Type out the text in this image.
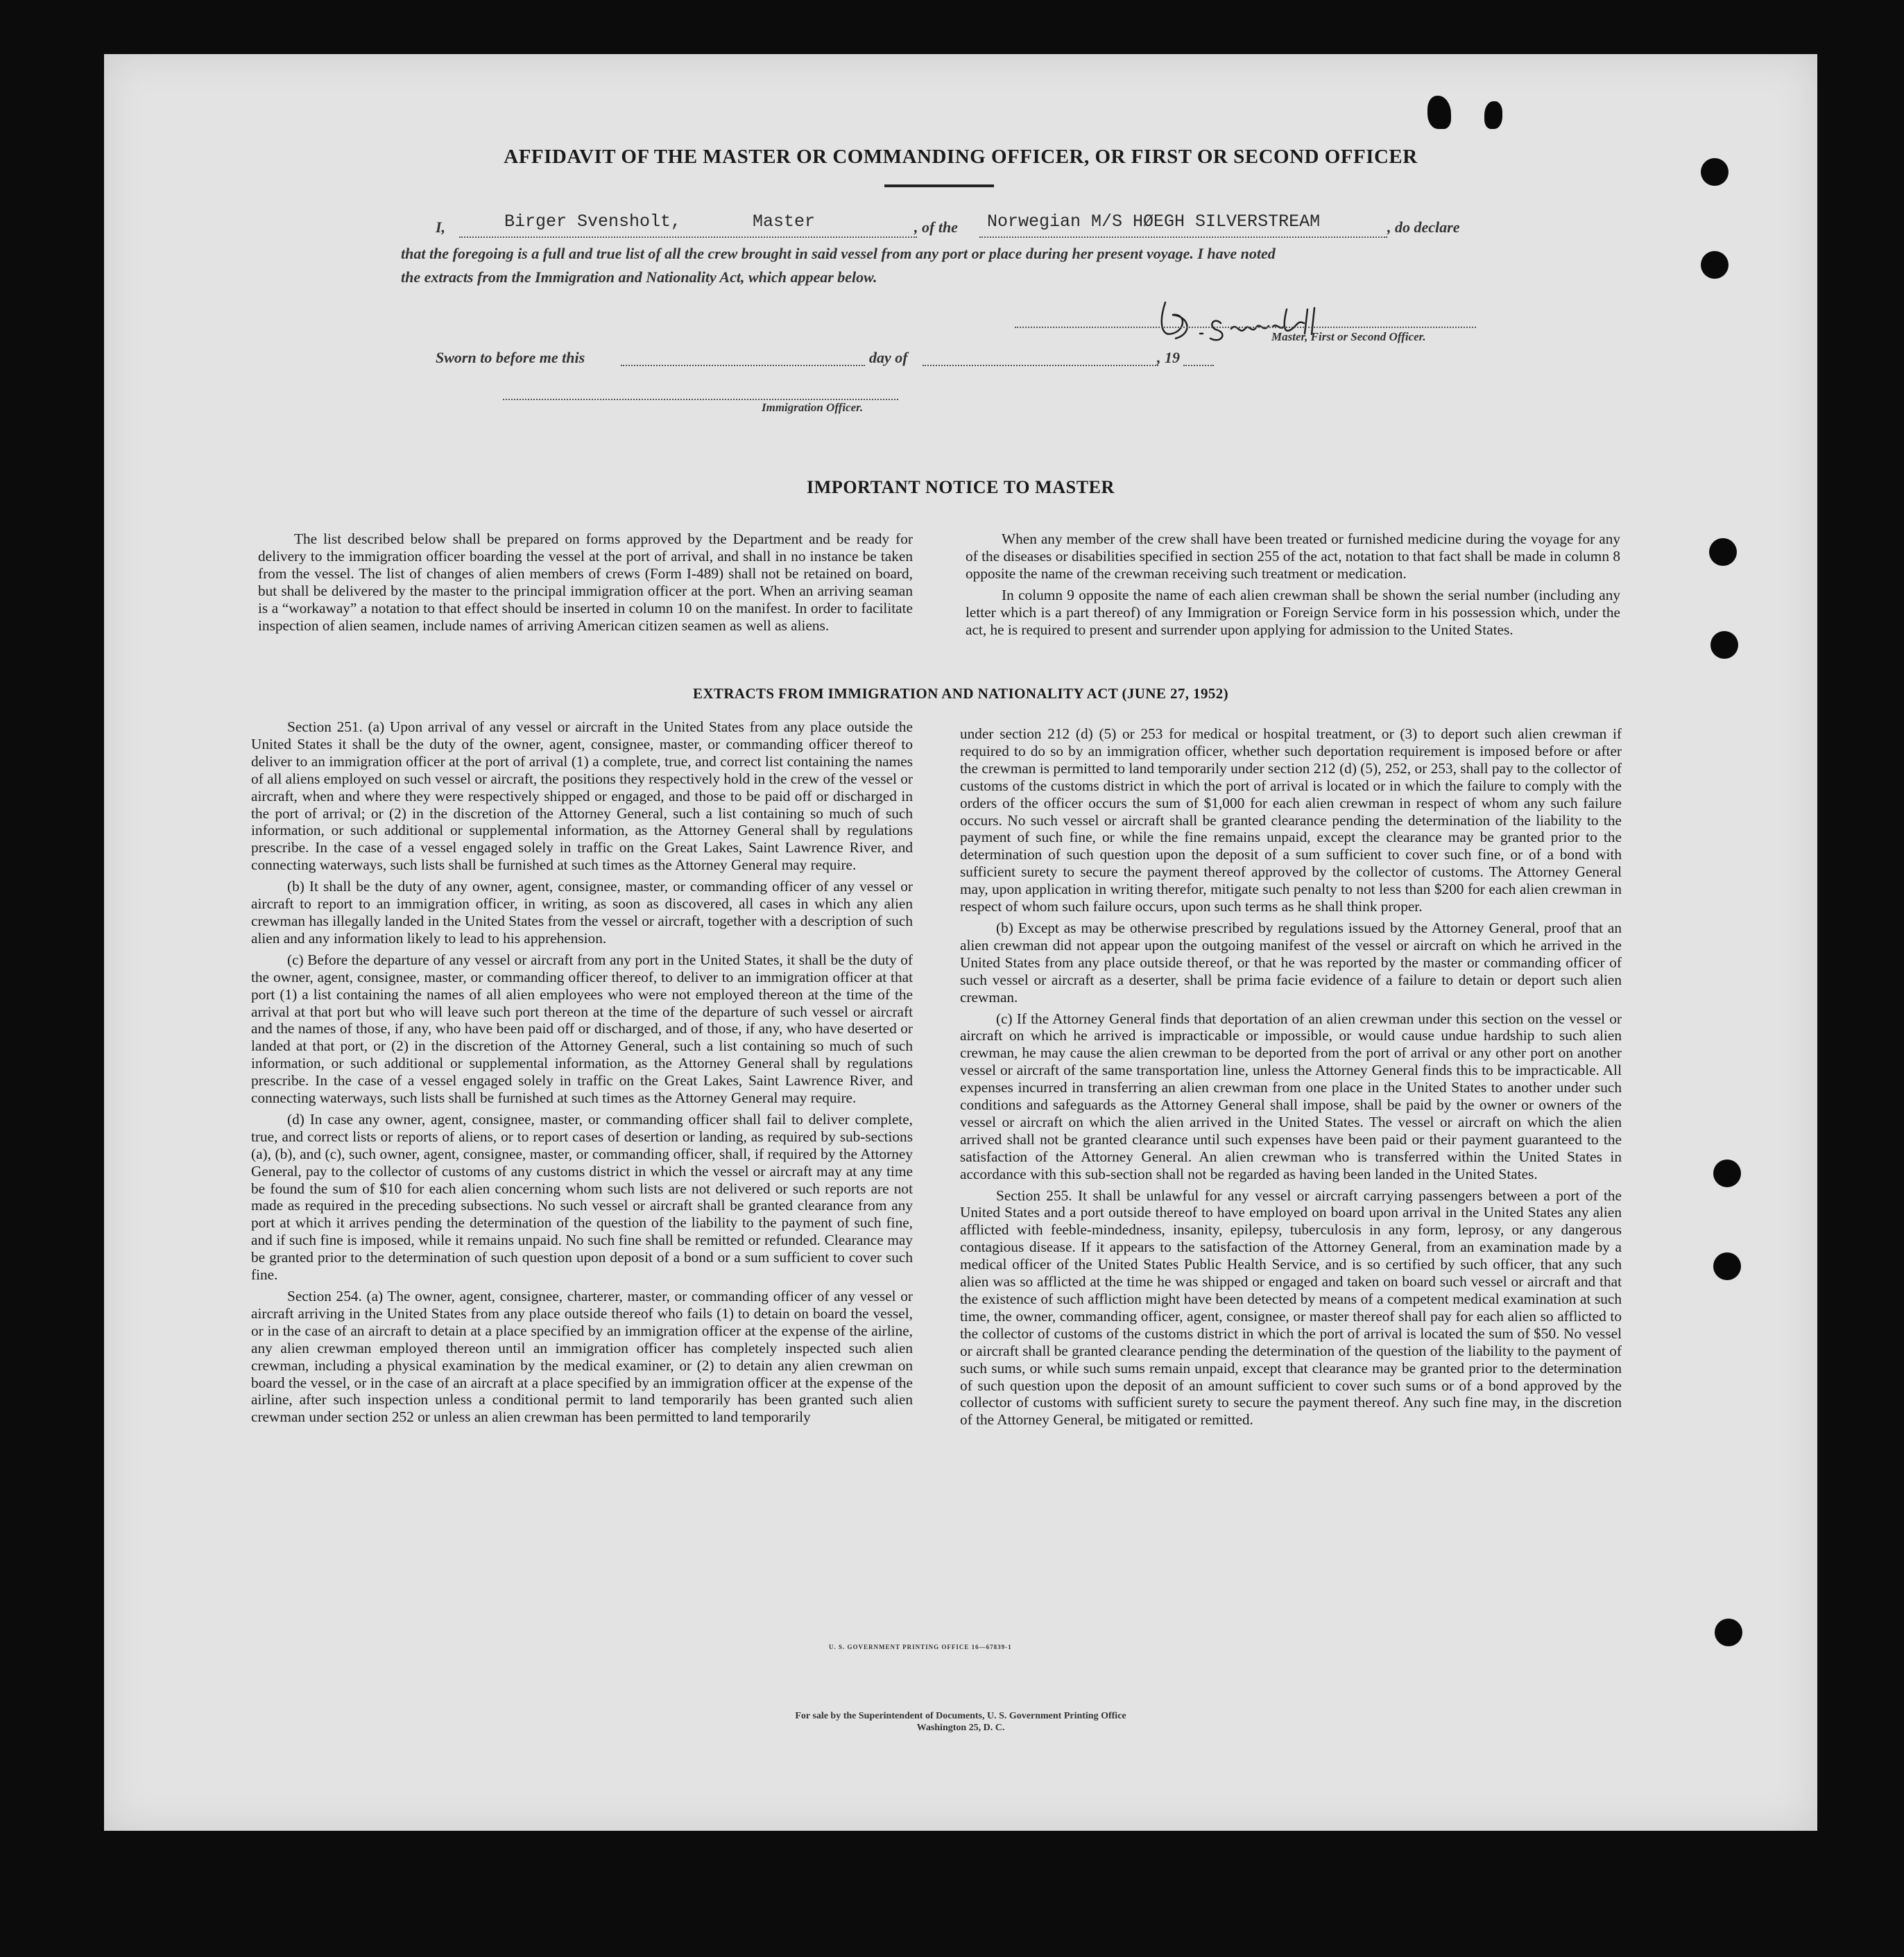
AFFIDAVIT OF THE MASTER OR COMMANDING OFFICER, OR FIRST OR SECOND OFFICER
I,	Birger Svensholt,	Master	, of the Norwegian M/S HØEGH SILVERSTREAM	, do declare
that the foregoing is a full and true list of all the crew brought in said vessel from any port or place during her present voyage. I have noted
the extracts from the Immigration and Nationality Act, which appear below.
Master, First or Second Officer.
Sworn to before me this	day of	, 19
Immigration Officer.
IMPORTANT NOTICE TO MASTER

The list described below shall be prepared on forms approved by the Department and be ready for delivery to the immigration officer boarding the vessel at the port of arrival, and shall in no instance be taken from the vessel. The list of changes of alien members of crews (Form I-489) shall not be retained on board, but shall be delivered by the master to the principal immigration officer at the port. When an arriving seaman is a “workaway” a notation to that effect should be inserted in column 10 on the manifest. In order to facilitate inspection of alien seamen, include names of arriving American citizen seamen as well as aliens.

When any member of the crew shall have been treated or furnished medicine during the voyage for any of the diseases or disabilities specified in section 255 of the act, notation to that fact shall be made in column 8 opposite the name of the crewman receiving such treatment or medication.

In column 9 opposite the name of each alien crewman shall be shown the serial number (including any letter which is a part thereof) of any Immigration or Foreign Service form in his possession which, under the act, he is required to present and surrender upon applying for admission to the United States.

EXTRACTS FROM IMMIGRATION AND NATIONALITY ACT (JUNE 27, 1952)

Section 251. (a) Upon arrival of any vessel or aircraft in the United States from any place outside the United States it shall be the duty of the owner, agent, consignee, master, or commanding officer thereof to deliver to an immigration officer at the port of arrival (1) a complete, true, and correct list containing the names of all aliens employed on such vessel or aircraft, the positions they respectively hold in the crew of the vessel or aircraft, when and where they were respectively shipped or engaged, and those to be paid off or discharged in the port of arrival; or (2) in the discretion of the Attorney General, such a list containing so much of such information, or such additional or supplemental information, as the Attorney General shall by regulations prescribe. In the case of a vessel engaged solely in traffic on the Great Lakes, Saint Lawrence River, and connecting waterways, such lists shall be furnished at such times as the Attorney General may require.

(b) It shall be the duty of any owner, agent, consignee, master, or commanding officer of any vessel or aircraft to report to an immigration officer, in writing, as soon as discovered, all cases in which any alien crewman has illegally landed in the United States from the vessel or aircraft, together with a description of such alien and any information likely to lead to his apprehension.

(c) Before the departure of any vessel or aircraft from any port in the United States, it shall be the duty of the owner, agent, consignee, master, or commanding officer thereof, to deliver to an immigration officer at that port (1) a list containing the names of all alien employees who were not employed thereon at the time of the arrival at that port but who will leave such port thereon at the time of the departure of such vessel or aircraft and the names of those, if any, who have been paid off or discharged, and of those, if any, who have deserted or landed at that port, or (2) in the discretion of the Attorney General, such a list containing so much of such information, or such additional or supplemental information, as the Attorney General shall by regulations prescribe. In the case of a vessel engaged solely in traffic on the Great Lakes, Saint Lawrence River, and connecting waterways, such lists shall be furnished at such times as the Attorney General may require.

(d) In case any owner, agent, consignee, master, or commanding officer shall fail to deliver complete, true, and correct lists or reports of aliens, or to report cases of desertion or landing, as required by sub-sections (a), (b), and (c), such owner, agent, consignee, master, or commanding officer, shall, if required by the Attorney General, pay to the collector of customs of any customs district in which the vessel or aircraft may at any time be found the sum of $10 for each alien concerning whom such lists are not delivered or such reports are not made as required in the preceding subsections. No such vessel or aircraft shall be granted clearance from any port at which it arrives pending the determination of the question of the liability to the payment of such fine, and if such fine is imposed, while it remains unpaid. No such fine shall be remitted or refunded. Clearance may be granted prior to the determination of such question upon deposit of a bond or a sum sufficient to cover such fine.

Section 254. (a) The owner, agent, consignee, charterer, master, or commanding officer of any vessel or aircraft arriving in the United States from any place outside thereof who fails (1) to detain on board the vessel, or in the case of an aircraft to detain at a place specified by an immigration officer at the expense of the airline, any alien crewman employed thereon until an immigration officer has completely inspected such alien crewman, including a physical examination by the medical examiner, or (2) to detain any alien crewman on board the vessel, or in the case of an aircraft at a place specified by an immigration officer at the expense of the airline, after such inspection unless a conditional permit to land temporarily has been granted such alien crewman under section 252 or unless an alien crewman has been permitted to land temporarily

under section 212 (d) (5) or 253 for medical or hospital treatment, or (3) to deport such alien crewman if required to do so by an immigration officer, whether such deportation requirement is imposed before or after the crewman is permitted to land temporarily under section 212 (d) (5), 252, or 253, shall pay to the collector of customs of the customs district in which the port of arrival is located or in which the failure to comply with the orders of the officer occurs the sum of $1,000 for each alien crewman in respect of whom any such failure occurs. No such vessel or aircraft shall be granted clearance pending the determination of the liability to the payment of such fine, or while the fine remains unpaid, except the clearance may be granted prior to the determination of such question upon the deposit of a sum sufficient to cover such fine, or of a bond with sufficient surety to secure the payment thereof approved by the collector of customs. The Attorney General may, upon application in writing therefor, mitigate such penalty to not less than $200 for each alien crewman in respect of whom such failure occurs, upon such terms as he shall think proper.

(b) Except as may be otherwise prescribed by regulations issued by the Attorney General, proof that an alien crewman did not appear upon the outgoing manifest of the vessel or aircraft on which he arrived in the United States from any place outside thereof, or that he was reported by the master or commanding officer of such vessel or aircraft as a deserter, shall be prima facie evidence of a failure to detain or deport such alien crewman.

(c) If the Attorney General finds that deportation of an alien crewman under this section on the vessel or aircraft on which he arrived is impracticable or impossible, or would cause undue hardship to such alien crewman, he may cause the alien crewman to be deported from the port of arrival or any other port on another vessel or aircraft of the same transportation line, unless the Attorney General finds this to be impracticable. All expenses incurred in transferring an alien crewman from one place in the United States to another under such conditions and safeguards as the Attorney General shall impose, shall be paid by the owner or owners of the vessel or aircraft on which the alien arrived in the United States. The vessel or aircraft on which the alien arrived shall not be granted clearance until such expenses have been paid or their payment guaranteed to the satisfaction of the Attorney General. An alien crewman who is transferred within the United States in accordance with this sub-section shall not be regarded as having been landed in the United States.

Section 255. It shall be unlawful for any vessel or aircraft carrying passengers between a port of the United States and a port outside thereof to have employed on board upon arrival in the United States any alien afflicted with feeble-mindedness, insanity, epilepsy, tuberculosis in any form, leprosy, or any dangerous contagious disease. If it appears to the satisfaction of the Attorney General, from an examination made by a medical officer of the United States Public Health Service, and is so certified by such officer, that any such alien was so afflicted at the time he was shipped or engaged and taken on board such vessel or aircraft and that the existence of such affliction might have been detected by means of a competent medical examination at such time, the owner, commanding officer, agent, consignee, or master thereof shall pay for each alien so afflicted to the collector of customs of the customs district in which the port of arrival is located the sum of $50. No vessel or aircraft shall be granted clearance pending the determination of the question of the liability to the payment of such sums, or while such sums remain unpaid, except that clearance may be granted prior to the determination of such question upon the deposit of an amount sufficient to cover such sums or of a bond approved by the collector of customs with sufficient surety to secure the payment thereof. Any such fine may, in the discretion of the Attorney General, be mitigated or remitted.

U. S. GOVERNMENT PRINTING OFFICE 16—67839-1
For sale by the Superintendent of Documents, U. S. Government Printing Office
Washington 25, D. C.
